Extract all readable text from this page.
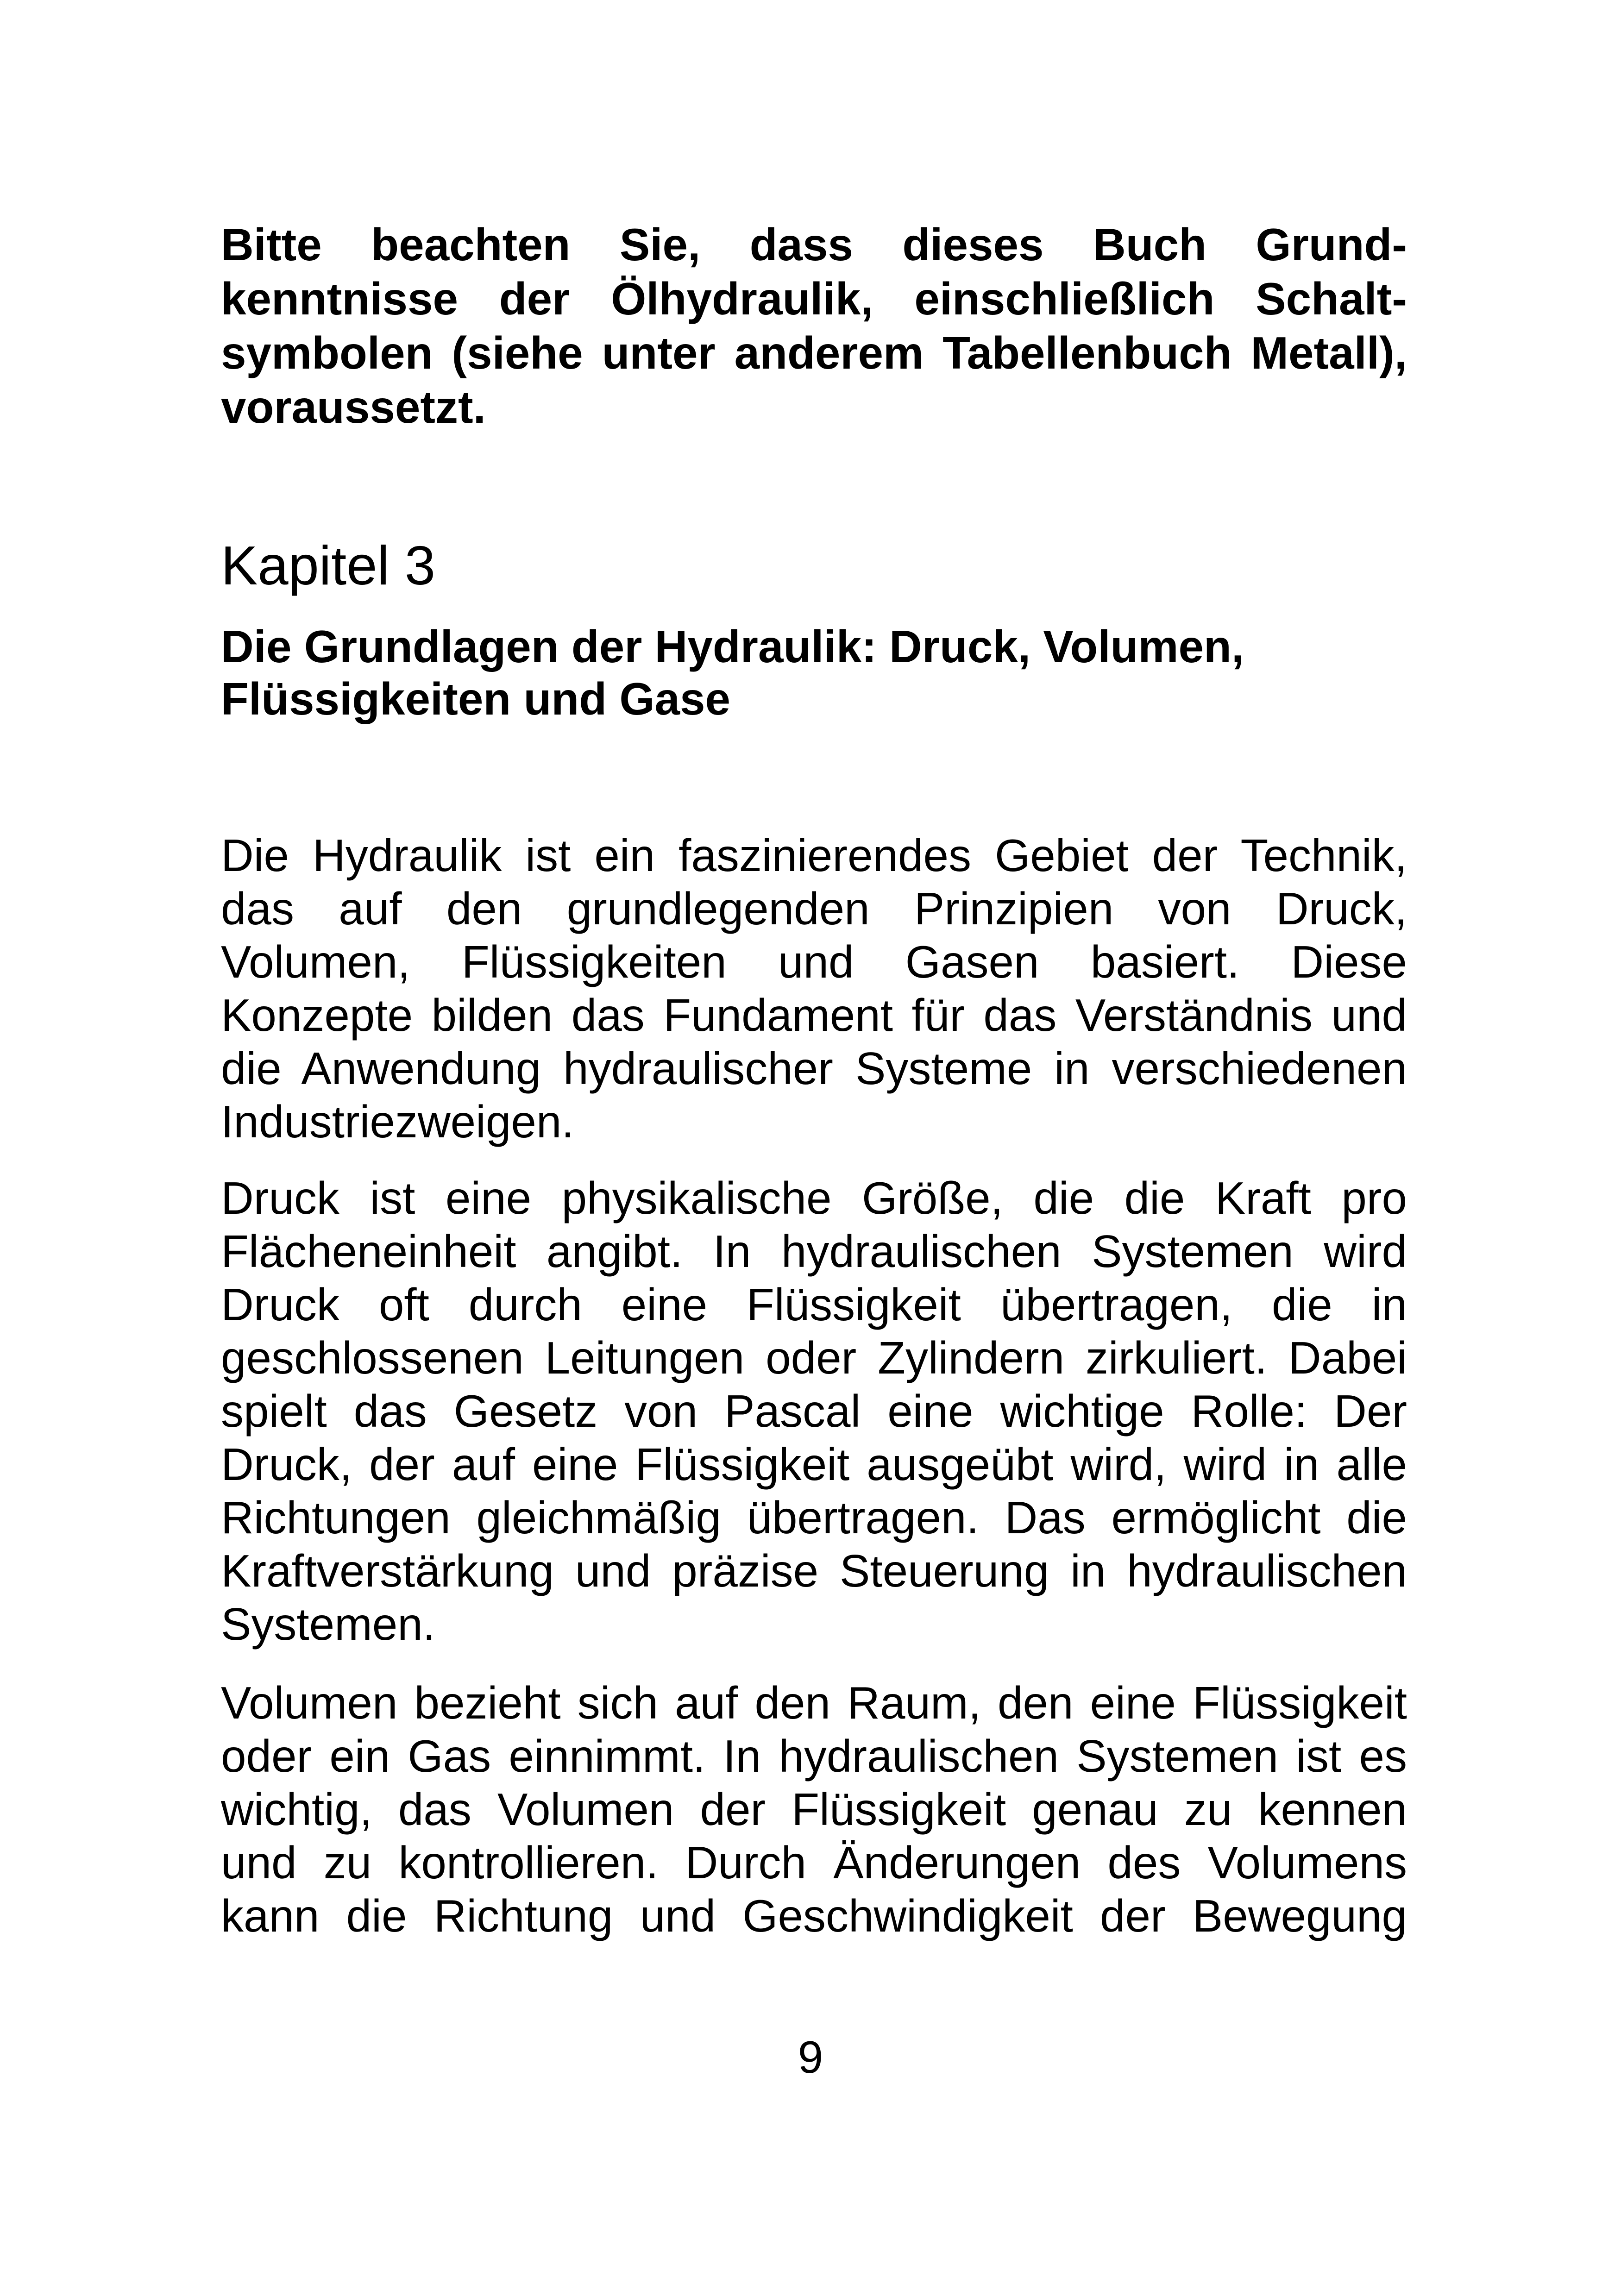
Bitte beachten Sie, dass dieses Buch Grund-
kenntnisse der Ölhydraulik, einschließlich Schalt-
symbolen (siehe unter anderem Tabellenbuch Metall),
voraussetzt.
Kapitel 3
Die Grundlagen der Hydraulik: Druck, Volumen,
Flüssigkeiten und Gase
Die Hydraulik ist ein faszinierendes Gebiet der Technik,
das auf den grundlegenden Prinzipien von Druck,
Volumen, Flüssigkeiten und Gasen basiert. Diese
Konzepte bilden das Fundament für das Verständnis und
die Anwendung hydraulischer Systeme in verschiedenen
Industriezweigen.
Druck ist eine physikalische Größe, die die Kraft pro
Flächeneinheit angibt. In hydraulischen Systemen wird
Druck oft durch eine Flüssigkeit übertragen, die in
geschlossenen Leitungen oder Zylindern zirkuliert. Dabei
spielt das Gesetz von Pascal eine wichtige Rolle: Der
Druck, der auf eine Flüssigkeit ausgeübt wird, wird in alle
Richtungen gleichmäßig übertragen. Das ermöglicht die
Kraftverstärkung und präzise Steuerung in hydraulischen
Systemen.
Volumen bezieht sich auf den Raum, den eine Flüssigkeit
oder ein Gas einnimmt. In hydraulischen Systemen ist es
wichtig, das Volumen der Flüssigkeit genau zu kennen
und zu kontrollieren. Durch Änderungen des Volumens
kann die Richtung und Geschwindigkeit der Bewegung
9
